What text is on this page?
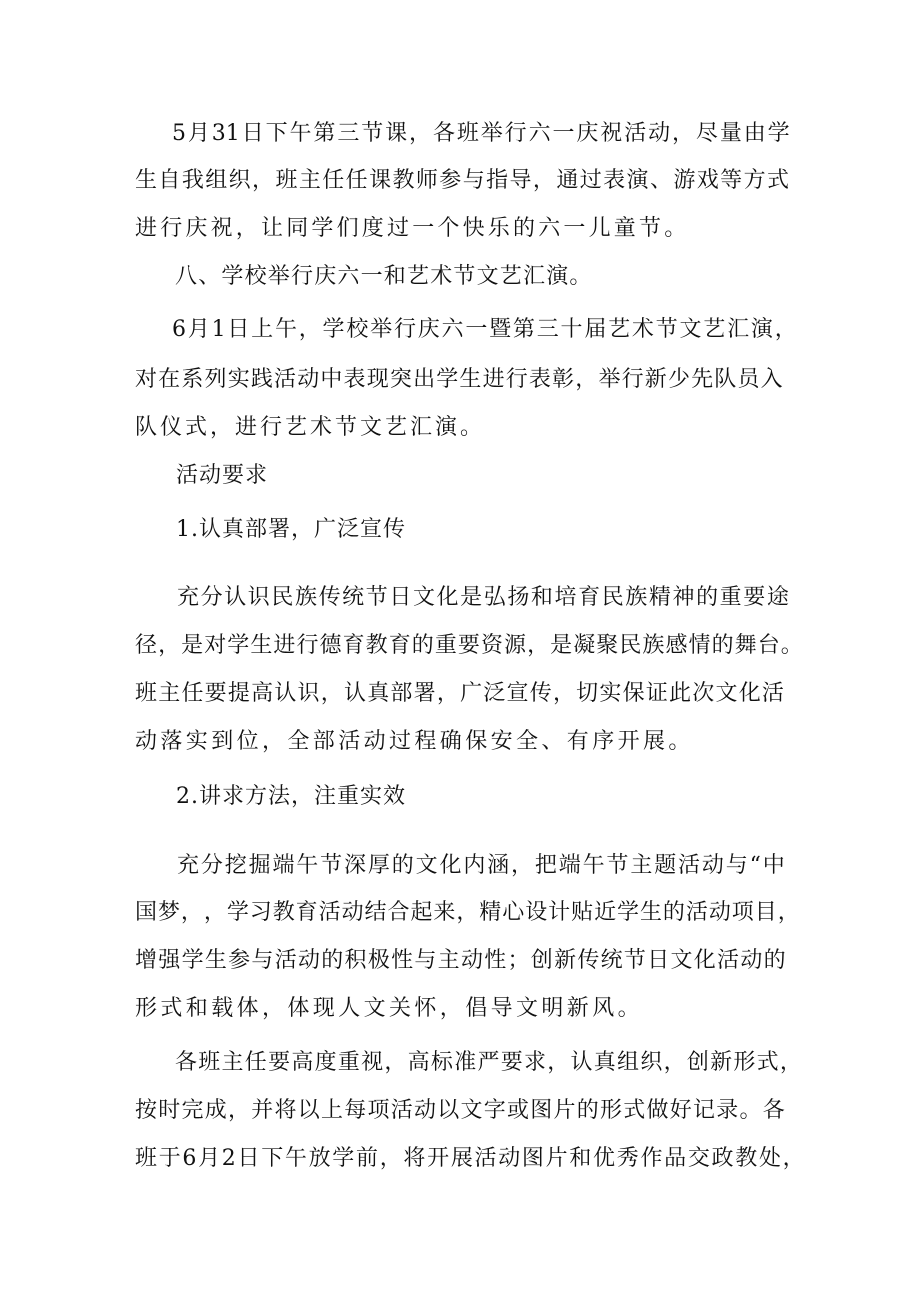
5 月 31 日 下 午 第 三 节 课 ， 各 班 举 行 六 一 庆 祝 活 动 ， 尽 量 由 学
生 自 我 组 织 ， 班 主 任 任 课 教 师 参 与 指 导 ， 通 过 表 演 、 游 戏 等 方 式
进行庆祝，让同学们度过一个快乐的六一儿童节。
八、学校举行庆六一和艺术节文艺汇演。
6 月 1 日 上 午 ， 学 校 举 行 庆 六 一 暨 第 三 十 届 艺 术 节 文 艺 汇 演 ，
对 在 系 列 实 践 活 动 中 表 现 突 出 学 生 进 行 表 彰 ， 举 行 新 少 先 队 员 入
队仪式，进行艺术节文艺汇演。
活动要求
1.认真部署，广泛宣传
充 分 认 识 民 族 传 统 节 日 文 化 是 弘 扬 和 培 育 民 族 精 神 的 重 要 途
径 ， 是 对 学 生 进 行 德 育 教 育 的 重 要 资 源 ， 是 凝 聚 民 族 感 情 的 舞 台 。
班 主 任 要 提 高 认 识 ， 认 真 部 署 ， 广 泛 宣 传 ， 切 实 保 证 此 次 文 化 活
动落实到位，全部活动过程确保安全、有序开展。
2.讲求方法，注重实效
充 分 挖 掘 端 午 节 深 厚 的 文 化 内 涵 ， 把 端 午 节 主 题 活 动 与 “ 中
国 梦 ， ， 学 习 教 育 活 动 结 合 起 来 ， 精 心 设 计 贴 近 学 生 的 活 动 项 目 ，
增 强 学 生 参 与 活 动 的 积 极 性 与 主 动 性 ； 创 新 传 统 节 日 文 化 活 动 的
形式和载体，体现人文关怀，倡导文明新风。
各 班 主 任 要 高 度 重 视 ， 高 标 准 严 要 求 ， 认 真 组 织 ， 创 新 形 式 ，
按 时 完 成 ， 并 将 以 上 每 项 活 动 以 文 字 或 图 片 的 形 式 做 好 记 录 。 各
班 于 6 月 2 日 下 午 放 学 前 ， 将 开 展 活 动 图 片 和 优 秀 作 品 交 政 教 处 ，
